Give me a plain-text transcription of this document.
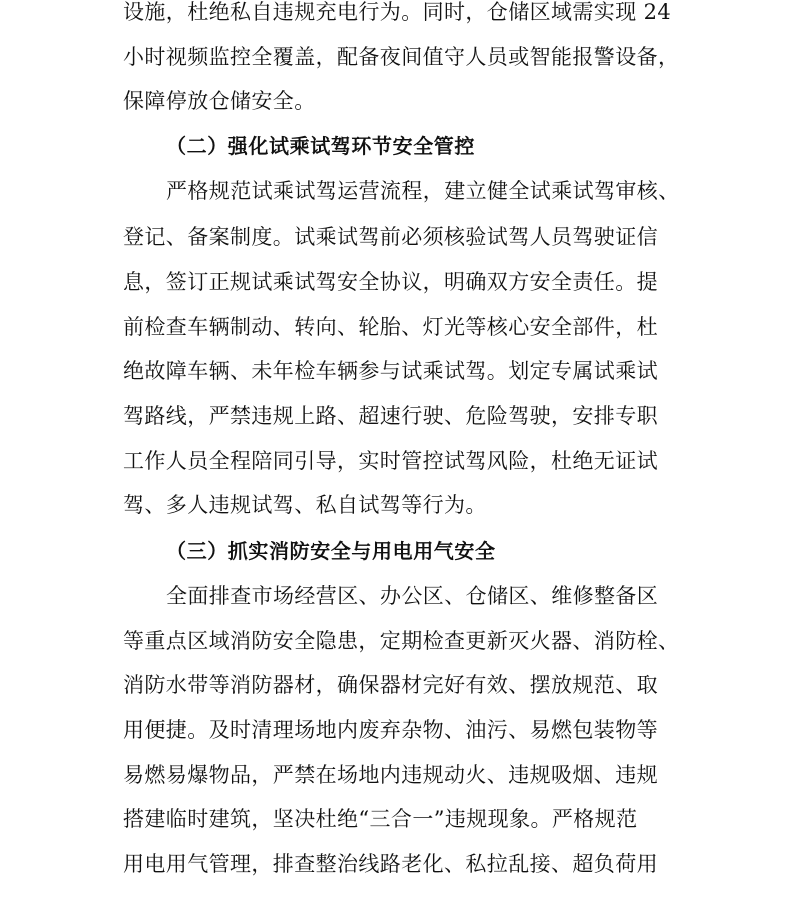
设施，杜绝私自违规充电行为。同时，仓储区域需实现 24
小时视频监控全覆盖，配备夜间值守人员或智能报警设备，
保障停放仓储安全。
（二）强化试乘试驾环节安全管控
严格规范试乘试驾运营流程，建立健全试乘试驾审核、
登记、备案制度。试乘试驾前必须核验试驾人员驾驶证信
息，签订正规试乘试驾安全协议，明确双方安全责任。提
前检查车辆制动、转向、轮胎、灯光等核心安全部件，杜
绝故障车辆、未年检车辆参与试乘试驾。划定专属试乘试
驾路线，严禁违规上路、超速行驶、危险驾驶，安排专职
工作人员全程陪同引导，实时管控试驾风险，杜绝无证试
驾、多人违规试驾、私自试驾等行为。
（三）抓实消防安全与用电用气安全
全面排查市场经营区、办公区、仓储区、维修整备区
等重点区域消防安全隐患，定期检查更新灭火器、消防栓、
消防水带等消防器材，确保器材完好有效、摆放规范、取
用便捷。及时清理场地内废弃杂物、油污、易燃包装物等
易燃易爆物品，严禁在场地内违规动火、违规吸烟、违规
搭建临时建筑，坚决杜绝“三合一”违规现象。严格规范
用电用气管理，排查整治线路老化、私拉乱接、超负荷用
